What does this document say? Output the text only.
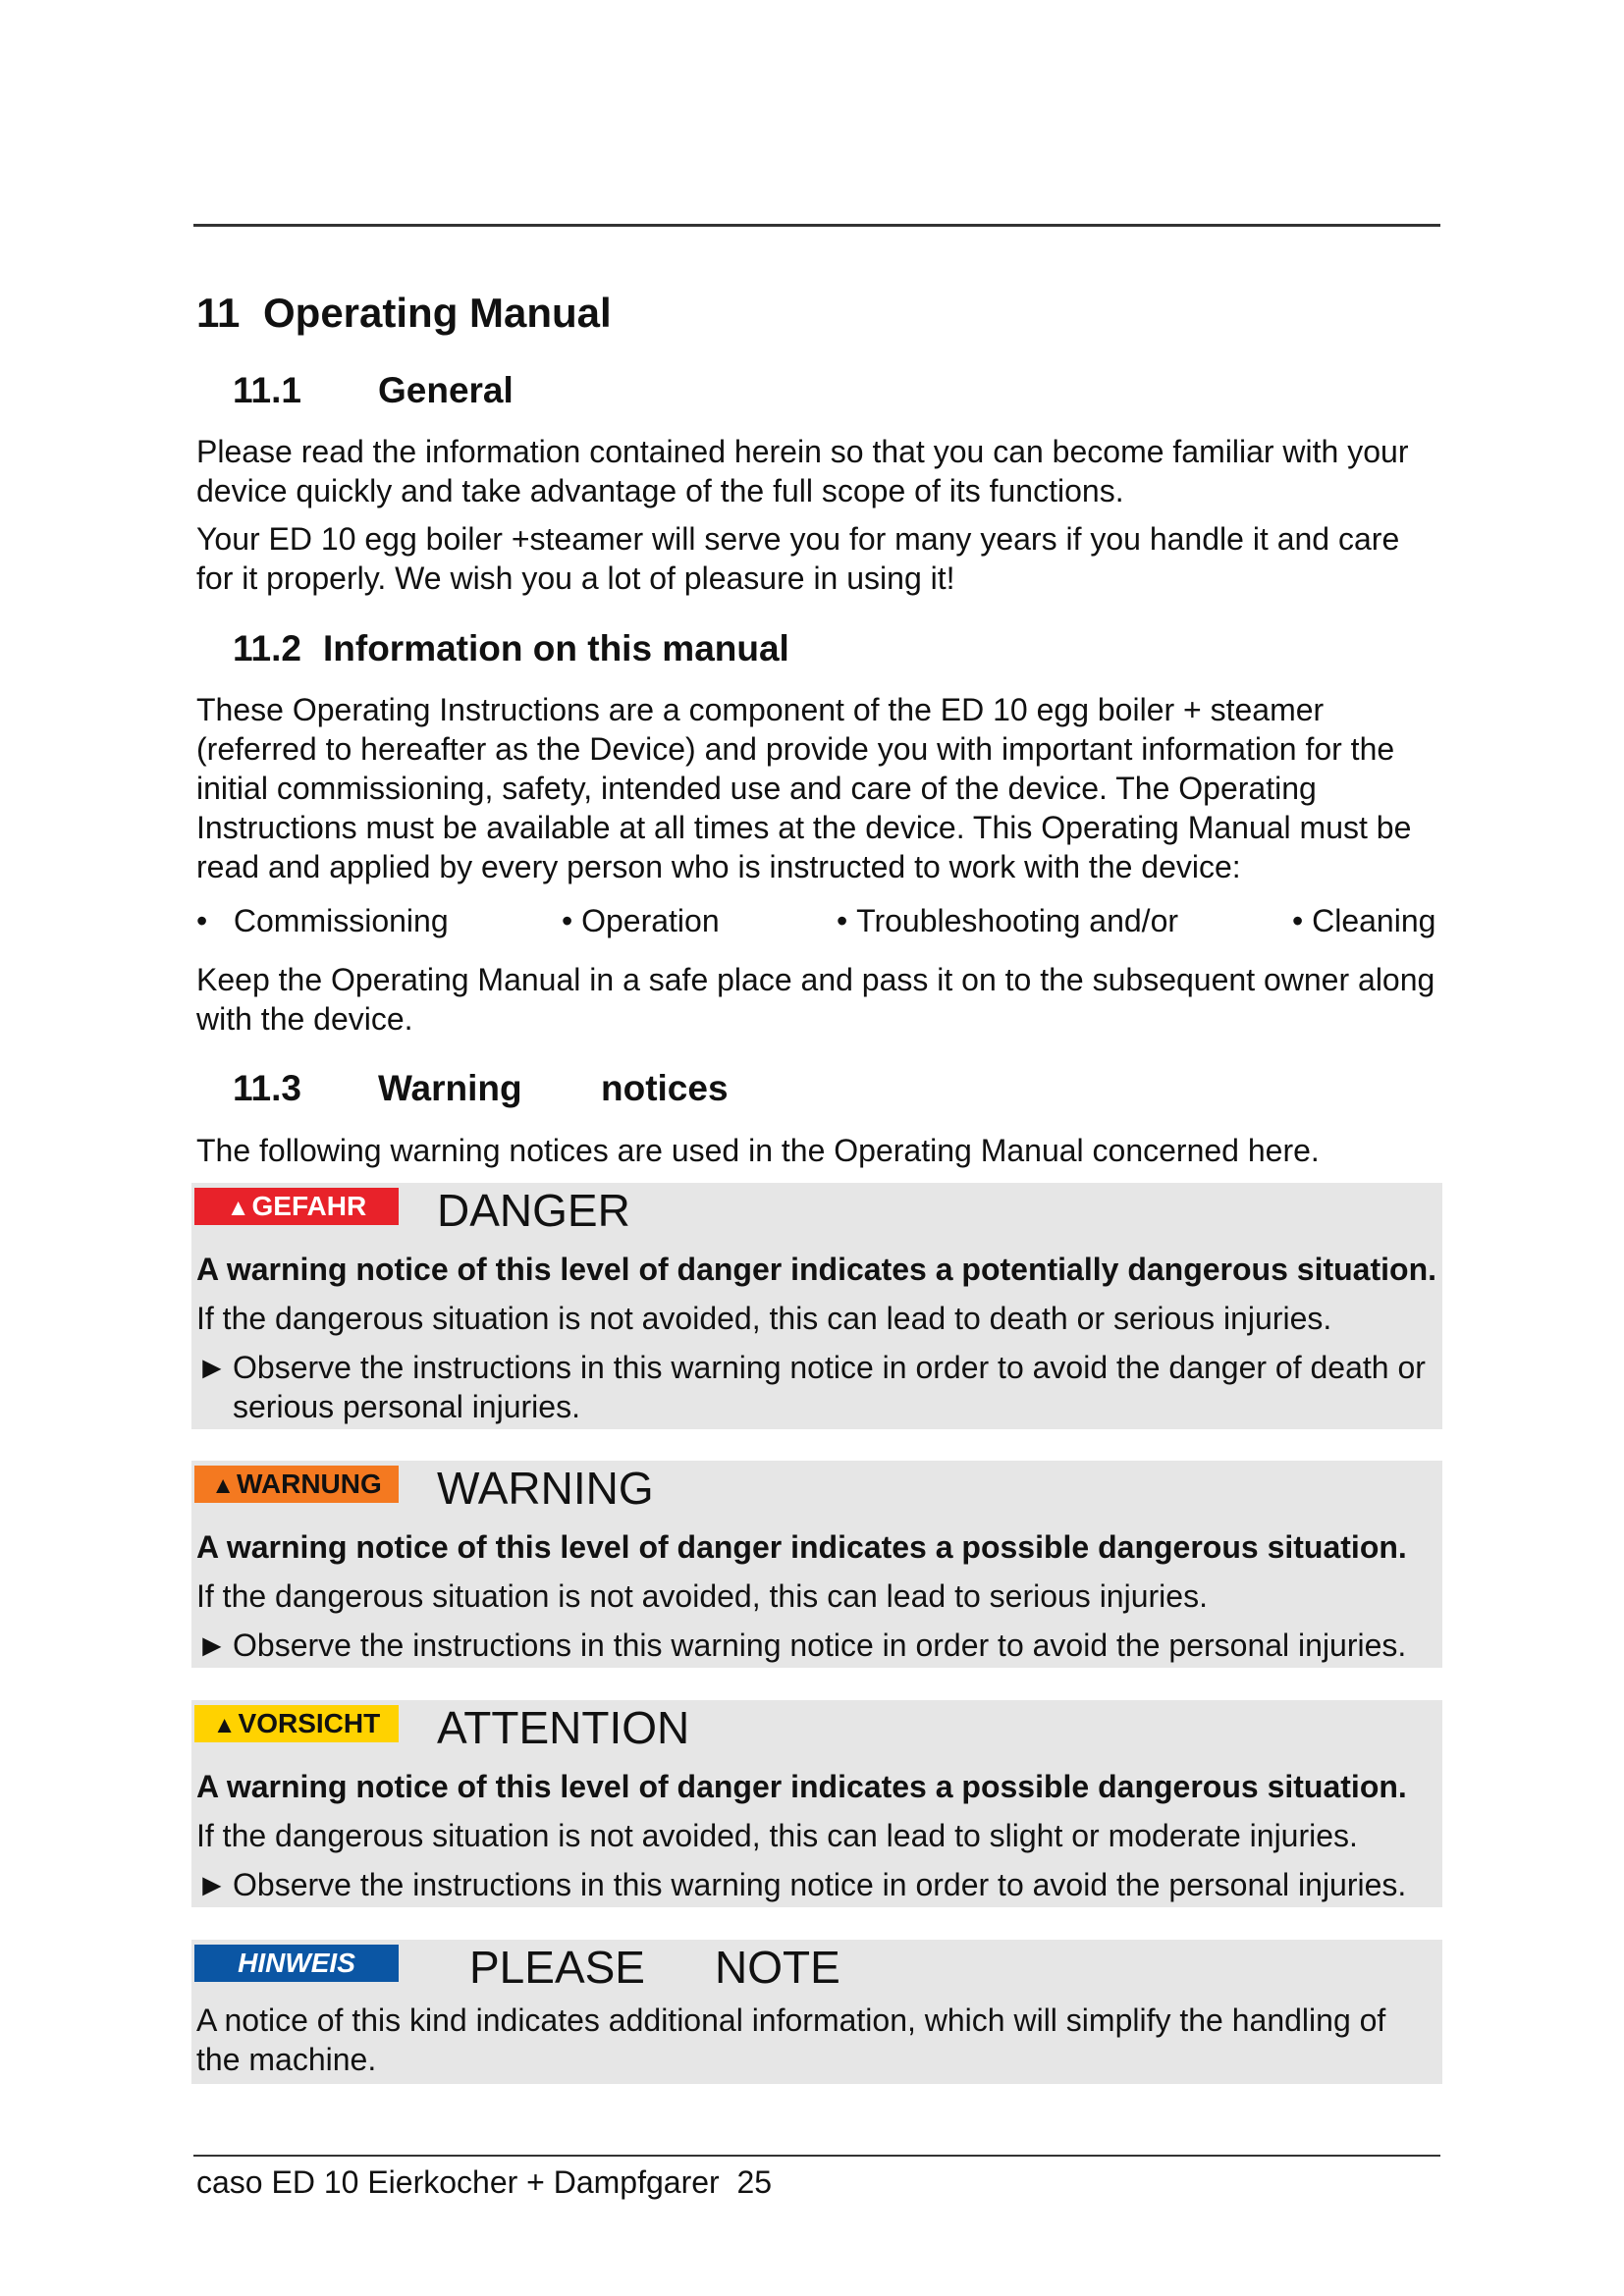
11 Operating Manual
11.1 General
Please read the information contained herein so that you can become familiar with your device quickly and take advantage of the full scope of its functions.
Your ED 10 egg boiler +steamer will serve you for many years if you handle it and care for it properly. We wish you a lot of pleasure in using it!
11.2 Information on this manual
These Operating Instructions are a component of the ED 10 egg boiler + steamer (referred to hereafter as the Device) and provide you with important information for the initial commissioning, safety, intended use and care of the device. The Operating Instructions must be available at all times at the device. This Operating Manual must be read and applied by every person who is instructed to work with the device:
•   Commissioning	• Operation	• Troubleshooting and/or	• Cleaning
Keep the Operating Manual in a safe place and pass it on to the subsequent owner along with the device.
11.3 Warning notices
The following warning notices are used in the Operating Manual concerned here.
▲GEFAHR	DANGER
A warning notice of this level of danger indicates a potentially dangerous situation.
If the dangerous situation is not avoided, this can lead to death or serious injuries.
► Observe the instructions in this warning notice in order to avoid the danger of death or serious personal injuries.
▲WARNUNG	WARNING
A warning notice of this level of danger indicates a possible dangerous situation.
If the dangerous situation is not avoided, this can lead to serious injuries.
► Observe the instructions in this warning notice in order to avoid the personal injuries.
▲VORSICHT	ATTENTION
A warning notice of this level of danger indicates a possible dangerous situation.
If the dangerous situation is not avoided, this can lead to slight or moderate injuries.
► Observe the instructions in this warning notice in order to avoid the personal injuries.
HINWEIS	PLEASE NOTE
A notice of this kind indicates additional information, which will simplify the handling of the machine.
caso ED 10 Eierkocher + Dampfgarer 25
